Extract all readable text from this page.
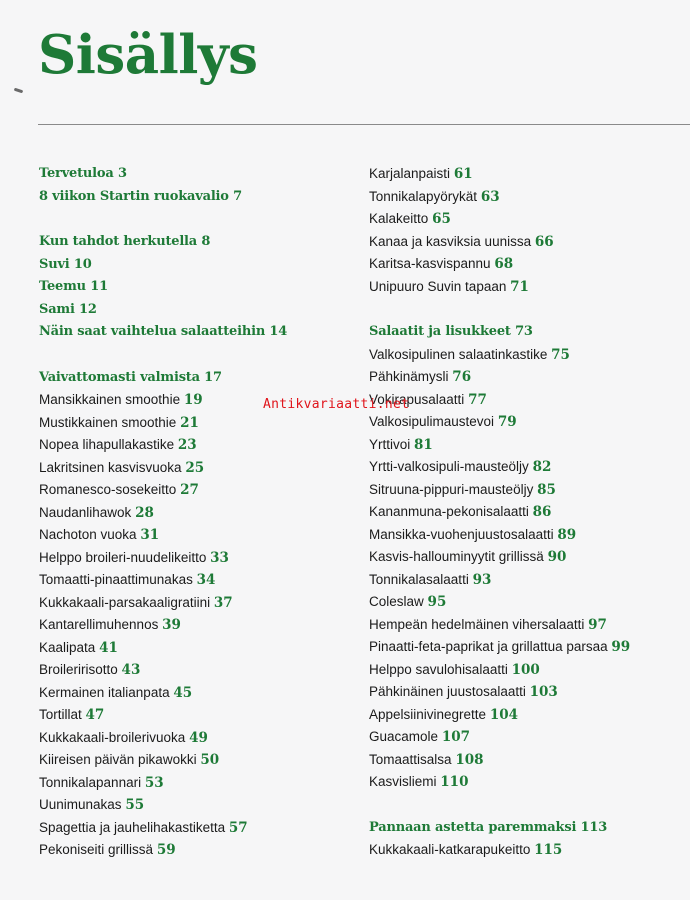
Sisällys
Tervetuloa 3
8 viikon Startin ruokavalio 7
Kun tahdot herkutella 8
Suvi 10
Teemu 11
Sami 12
Näin saat vaihtelua salaatteihin 14
Vaivattomasti valmista 17
Mansikkainen smoothie 19
Mustikkainen smoothie 21
Nopea lihapullakastike 23
Lakritsinen kasvisvuoka 25
Romanesco-sosekeitto 27
Naudanlihawok 28
Nachoton vuoka 31
Helppo broileri-nuudelikeitto 33
Tomaatti-pinaattimunakas 34
Kukkakaali-parsakaaligratiini 37
Kantarellimuhennos 39
Kaalipata 41
Broileririsotto 43
Kermainen italianpata 45
Tortillat 47
Kukkakaali-broilerivuoka 49
Kiireisen päivän pikawokki 50
Tonnikalapannari 53
Uunimunakas 55
Spagettia ja jauhelihakastiketta 57
Pekoniseiti grillissä 59
Karjalanpaisti 61
Tonnikalapyörykät 63
Kalakeitto 65
Kanaa ja kasviksia uunissa 66
Karitsa-kasvispannu 68
Unipuuro Suvin tapaan 71
Salaatit ja lisukkeet 73
Valkosipulinen salaatinkastike 75
Pähkinämysli 76
Vokirapusalaatti 77
Valkosipulimaustevoi 79
Yrttivoi 81
Yrtti-valkosipuli-mausteöljy 82
Sitruuna-pippuri-mausteöljy 85
Kananmuna-pekonisalaatti 86
Mansikka-vuohenjuustosalaatti 89
Kasvis-hallouminyytit grillissä 90
Tonnikalasalaatti 93
Coleslaw 95
Hempeän hedelmäinen vihersalaatti 97
Pinaatti-feta-paprikat ja grillattua parsaa 99
Helppo savulohisalaatti 100
Pähkinäinen juustosalaatti 103
Appelsiinivinegrette 104
Guacamole 107
Tomaattisalsa 108
Kasvisliemi 110
Pannaan astetta paremmaksi 113
Kukkakaali-katkarapukeitto 115
Antikvariaatti.net
